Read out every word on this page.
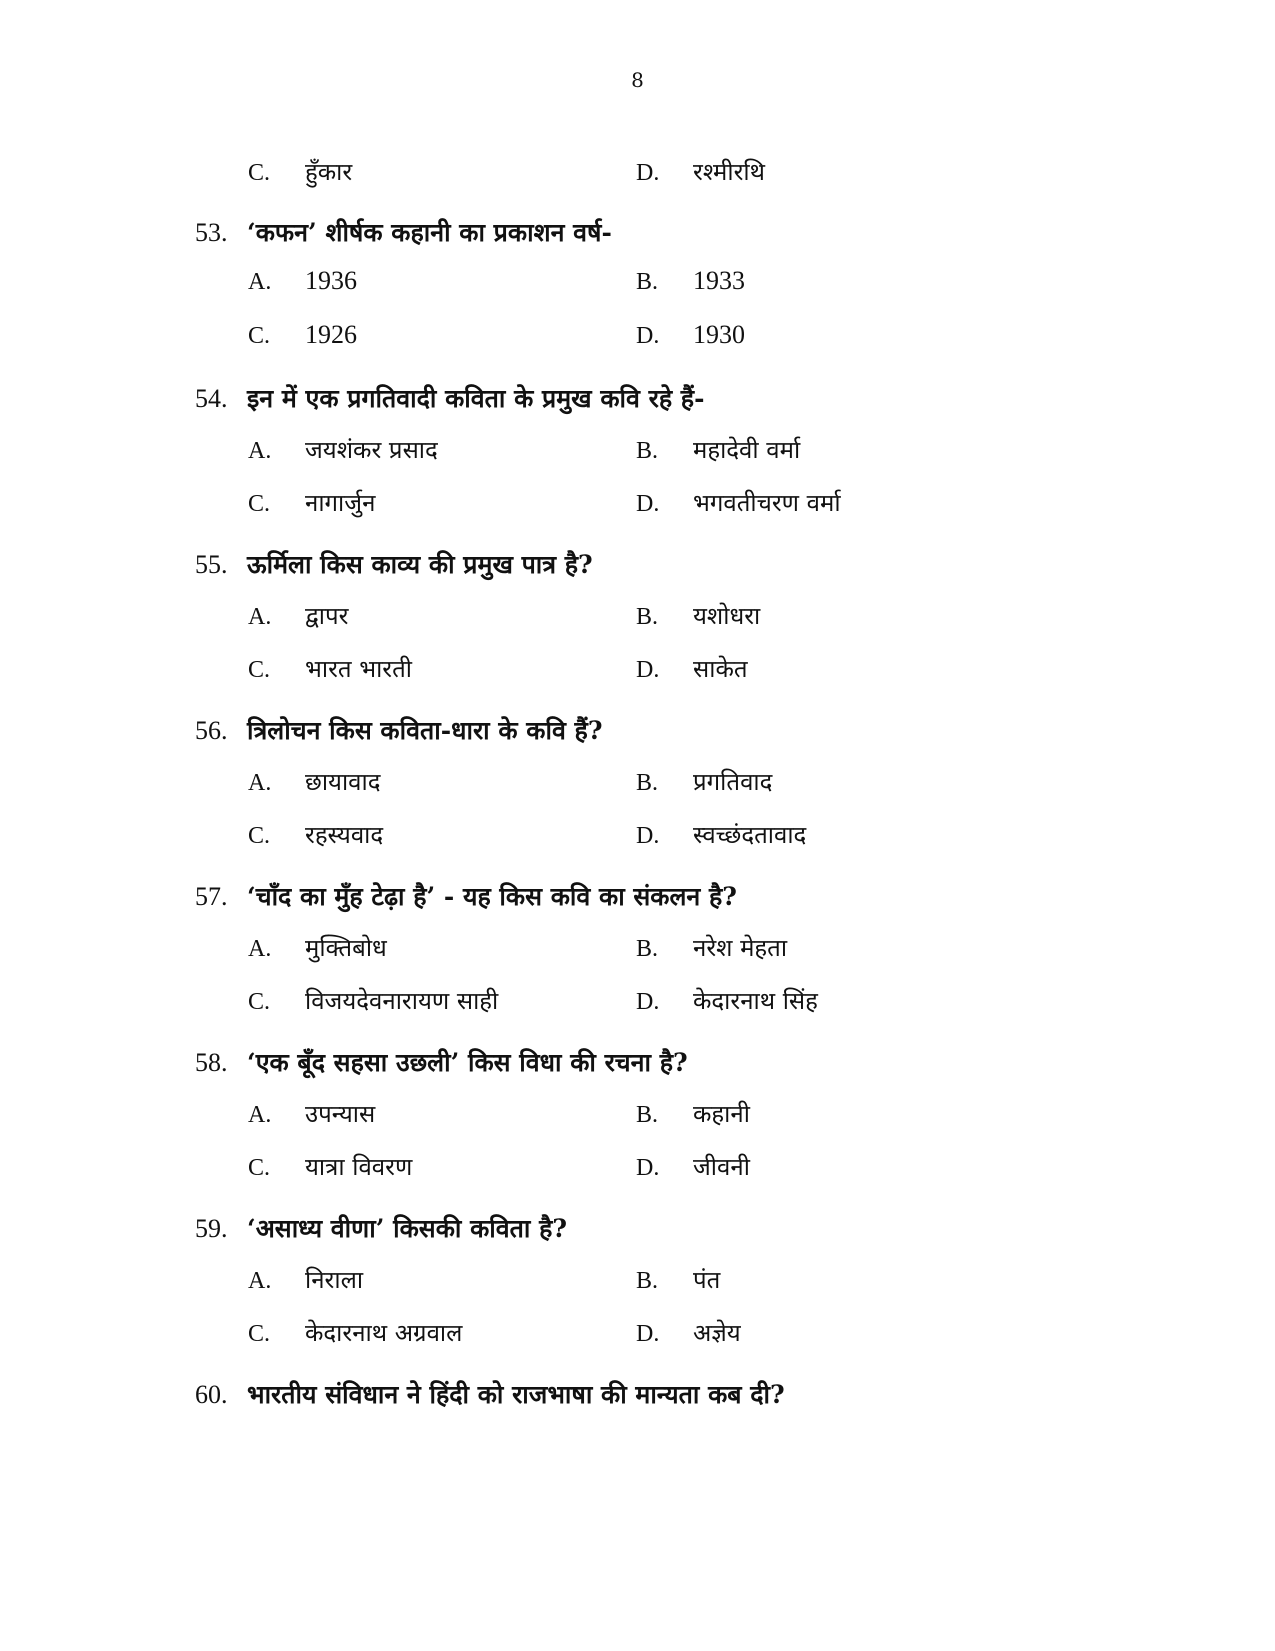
8
C. हुँकार	D. रश्मीरथि
53. ‘कफन’ शीर्षक कहानी का प्रकाशन वर्ष-
A. 1936	B. 1933
C. 1926	D. 1930
54. इन में एक प्रगतिवादी कविता के प्रमुख कवि रहे हैं-
A. जयशंकर प्रसाद	B. महादेवी वर्मा
C. नागार्जुन	D. भगवतीचरण वर्मा
55. ऊर्मिला किस काव्य की प्रमुख पात्र है?
A. द्वापर	B. यशोधरा
C. भारत भारती	D. साकेत
56. त्रिलोचन किस कविता-धारा के कवि हैं?
A. छायावाद	B. प्रगतिवाद
C. रहस्यवाद	D. स्वच्छंदतावाद
57. ‘चाँद का मुँह टेढ़ा है’ - यह किस कवि का संकलन है?
A. मुक्तिबोध	B. नरेश मेहता
C. विजयदेवनारायण साही	D. केदारनाथ सिंह
58. ‘एक बूँद सहसा उछली’ किस विधा की रचना है?
A. उपन्यास	B. कहानी
C. यात्रा विवरण	D. जीवनी
59. ‘असाध्य वीणा’ किसकी कविता है?
A. निराला	B. पंत
C. केदारनाथ अग्रवाल	D. अज्ञेय
60. भारतीय संविधान ने हिंदी को राजभाषा की मान्यता कब दी?
